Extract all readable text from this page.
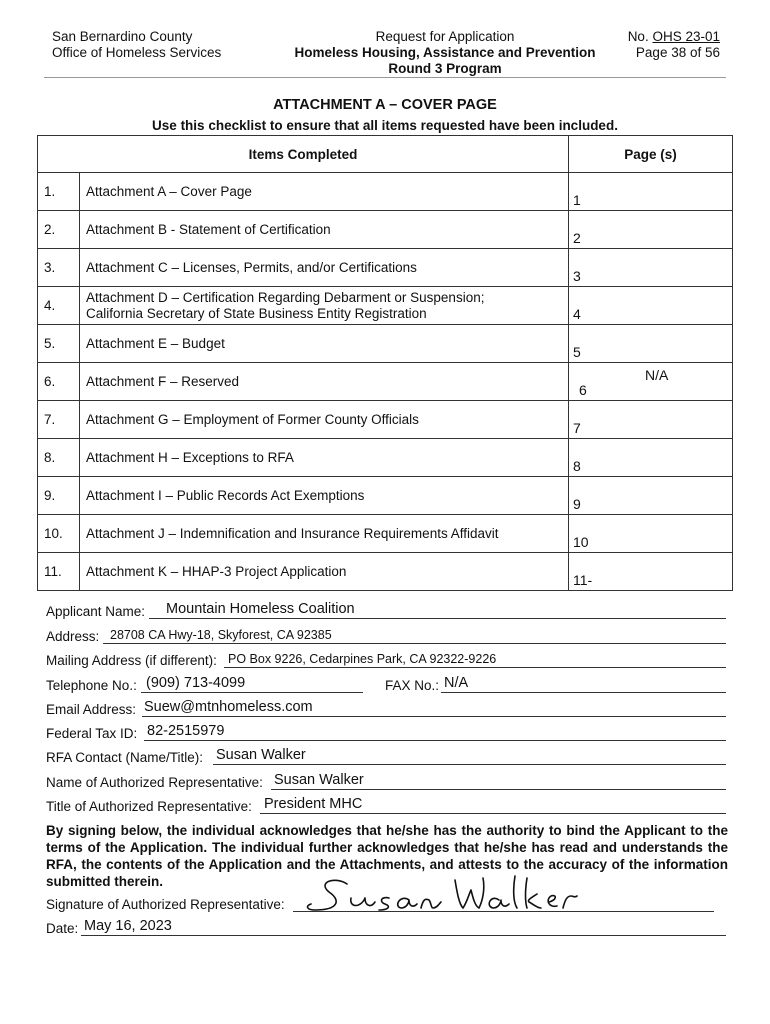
San Bernardino County
Office of Homeless Services
Request for Application
Homeless Housing, Assistance and Prevention
Round 3 Program
No. OHS 23-01
Page 38 of 56
ATTACHMENT A – COVER PAGE
Use this checklist to ensure that all items requested have been included.
Items Completed		Page (s)
1.	Attachment A – Cover Page	1

2.	Attachment B - Statement of Certification	2

3.	Attachment C – Licenses, Permits, and/or Certifications	3

4.	Attachment D – Certification Regarding Debarment or Suspension;
California Secretary of State Business Entity Registration	4

5.	Attachment E – Budget	5

6.	Attachment F – Reserved	6
N/A

7.	Attachment G – Employment of Former County Officials	7

8.	Attachment H – Exceptions to RFA	8

9.	Attachment I – Public Records Act Exemptions	9

10.	Attachment J – Indemnification and Insurance Requirements Affidavit	10

11.	Attachment K – HHAP-3 Project Application	11-
Applicant Name: Mountain Homeless Coalition
Address: 28708 CA Hwy-18, Skyforest, CA 92385
Mailing Address (if different): PO Box 9226, Cedarpines Park, CA 92322-9226
Telephone No.: (909) 713-4099	FAX No.: N/A
Email Address: Suew@mtnhomeless.com
Federal Tax ID: 82-2515979
RFA Contact (Name/Title): Susan Walker
Name of Authorized Representative: Susan Walker
Title of Authorized Representative: President MHC
By signing below, the individual acknowledges that he/she has the authority to bind the Applicant to the terms of the Application. The individual further acknowledges that he/she has read and understands the RFA, the contents of the Application and the Attachments, and attests to the accuracy of the information submitted therein.
Signature of Authorized Representative:
Date: May 16, 2023
